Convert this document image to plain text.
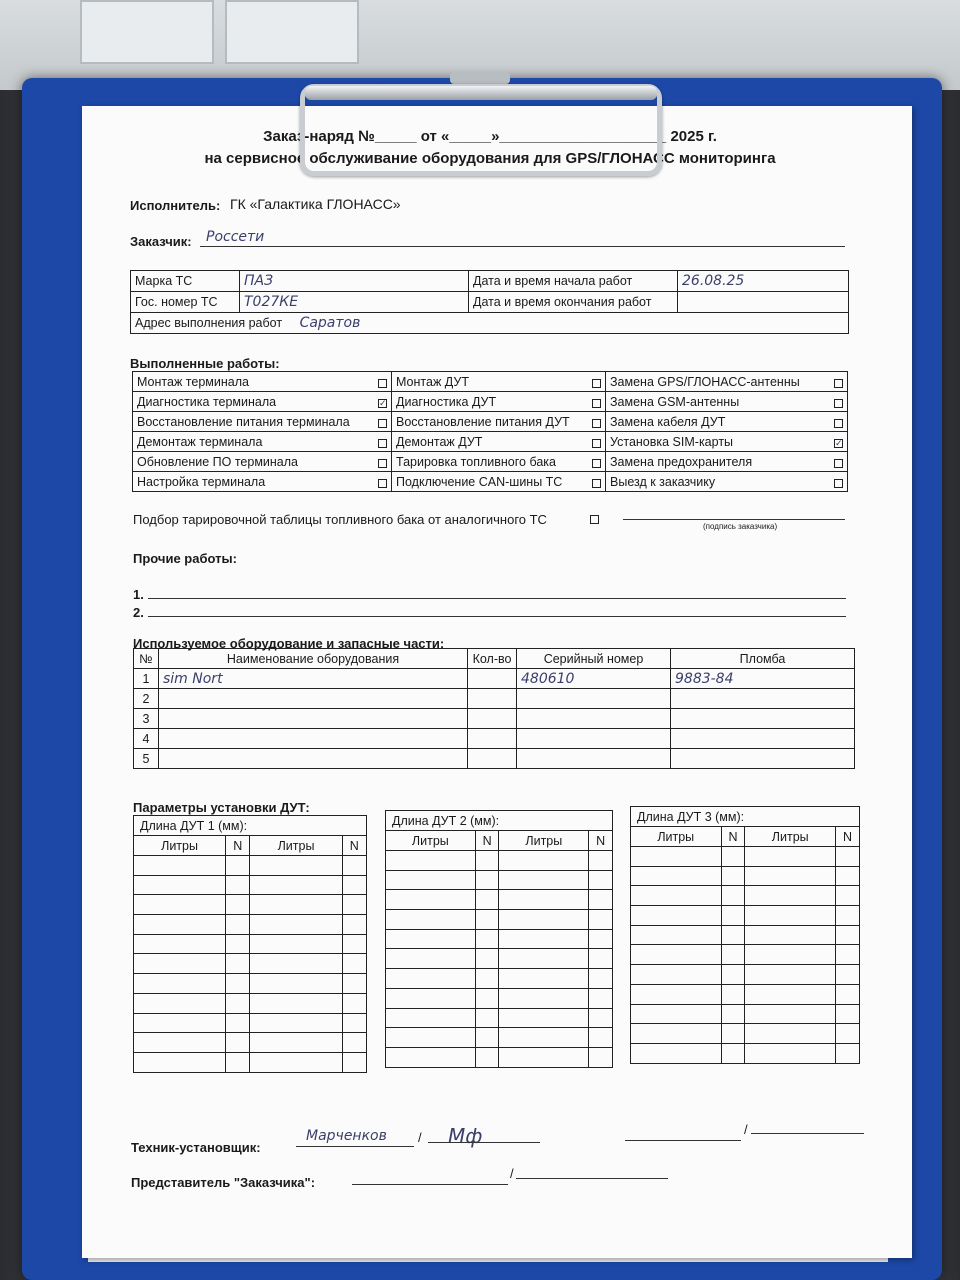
Заказ-наряд №_____ от «_____»____________________ 2025 г.
на сервисное обслуживание оборудования для GPS/ГЛОНАСС мониторинга
Исполнитель: ГК «Галактика ГЛОНАСС»
Заказчик: Россети
Марка ТС	ПАЗ	Дата и время начала работ	26.08.25
Гос. номер ТС	Т027КЕ	Дата и время окончания работ	
Адрес выполнения работ Саратов			
Выполненные работы:
Монтаж терминала	Монтаж ДУТ	Замена GPS/ГЛОНАСС-антенны

Диагностика терминала ✓	Диагностика ДУТ	Замена GSM-антенны

Восстановление питания терминала	Восстановление питания ДУТ	Замена кабеля ДУТ

Демонтаж терминала	Демонтаж ДУТ	Установка SIM-карты ✓

Обновление ПО терминала	Тарировка топливного бака	Замена предохранителя

Настройка терминала	Подключение CAN-шины ТС	Выезд к заказчику
Подбор тарировочной таблицы топливного бака от аналогичного ТС	(подпись заказчика)
Прочие работы:
1.
2.
Используемое оборудование и запасные части:
№	Наименование оборудования	Кол-во	Серийный номер	Пломба
1	sim Nort		480610	9883-84
2				
3				
4				
5				
Параметры установки ДУТ:
Длина ДУТ 1 (мм):			
Литры	N	Литры	N

Длина ДУТ 2 (мм):			
Литры	N	Литры	N

Длина ДУТ 3 (мм):			
Литры	N	Литры	N

Техник-установщик:
Марченков / Мф	/
Представитель "Заказчика":
/
